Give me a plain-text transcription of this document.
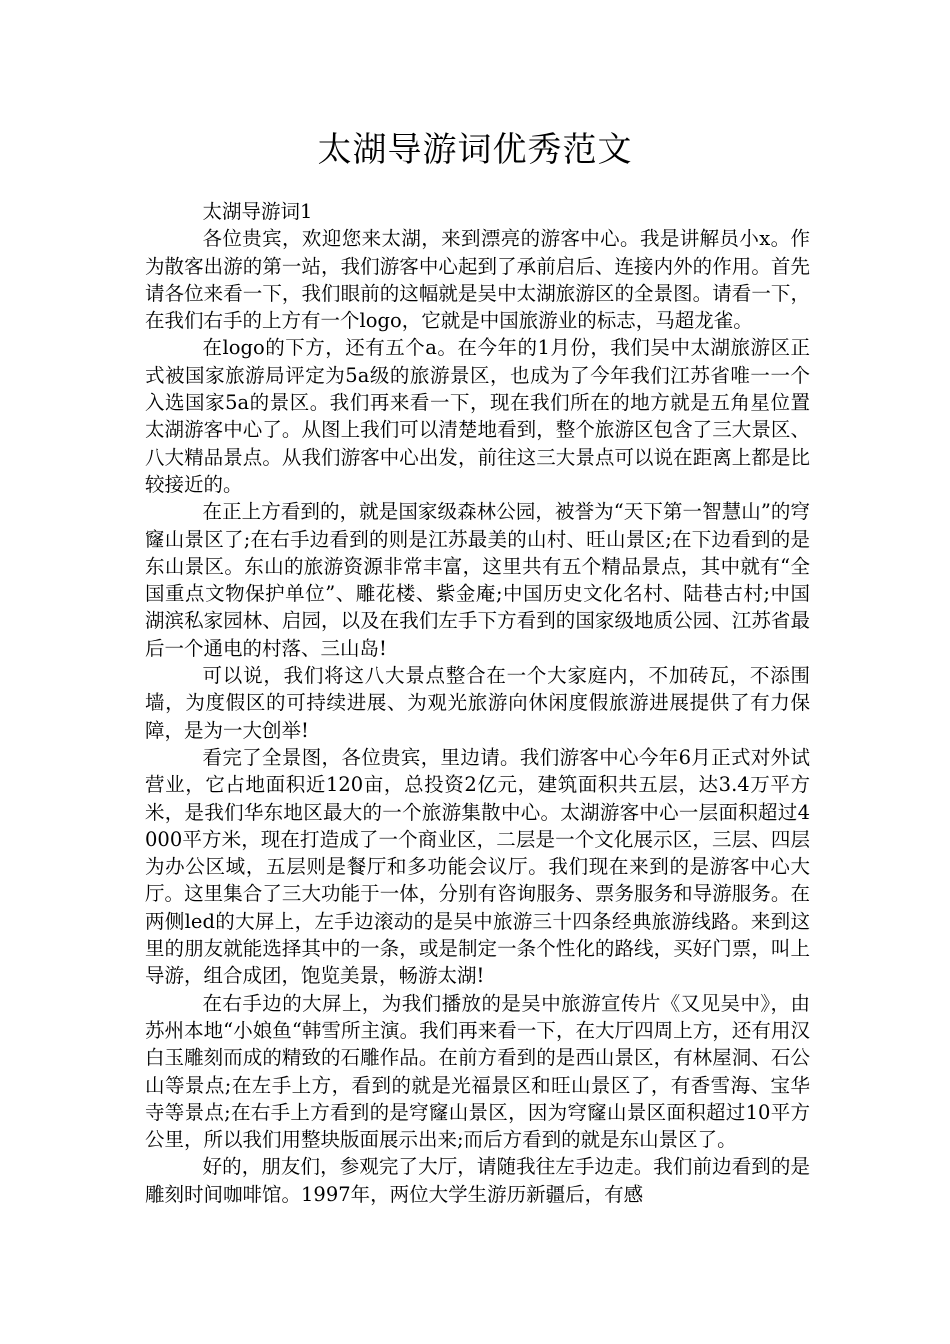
太湖导游词优秀范文

太湖导游词1

各位贵宾，欢迎您来太湖，来到漂亮的游客中心。我是讲解员小x。作为散客出游的第一站，我们游客中心起到了承前启后、连接内外的作用。首先请各位来看一下，我们眼前的这幅就是吴中太湖旅游区的全景图。请看一下，在我们右手的上方有一个logo，它就是中国旅游业的标志，马超龙雀。

在logo的下方，还有五个a。在今年的1月份，我们吴中太湖旅游区正式被国家旅游局评定为5a级的旅游景区，也成为了今年我们江苏省唯一一个入选国家5a的景区。我们再来看一下，现在我们所在的地方就是五角星位置太湖游客中心了。从图上我们可以清楚地看到，整个旅游区包含了三大景区、八大精品景点。从我们游客中心出发，前往这三大景点可以说在距离上都是比较接近的。

在正上方看到的，就是国家级森林公园，被誉为“天下第一智慧山”的穹窿山景区了;在右手边看到的则是江苏最美的山村、旺山景区;在下边看到的是东山景区。东山的旅游资源非常丰富，这里共有五个精品景点，其中就有“全国重点文物保护单位”、雕花楼、紫金庵;中国历史文化名村、陆巷古村;中国湖滨私家园林、启园，以及在我们左手下方看到的国家级地质公园、江苏省最后一个通电的村落、三山岛!

可以说，我们将这八大景点整合在一个大家庭内，不加砖瓦，不添围墙，为度假区的可持续进展、为观光旅游向休闲度假旅游进展提供了有力保障，是为一大创举!

看完了全景图，各位贵宾，里边请。我们游客中心今年6月正式对外试营业，它占地面积近120亩，总投资2亿元，建筑面积共五层，达3.4万平方米，是我们华东地区最大的一个旅游集散中心。太湖游客中心一层面积超过4000平方米，现在打造成了一个商业区，二层是一个文化展示区，三层、四层为办公区域，五层则是餐厅和多功能会议厅。我们现在来到的是游客中心大厅。这里集合了三大功能于一体，分别有咨询服务、票务服务和导游服务。在两侧led的大屏上，左手边滚动的是吴中旅游三十四条经典旅游线路。来到这里的朋友就能选择其中的一条，或是制定一条个性化的路线，买好门票，叫上导游，组合成团，饱览美景，畅游太湖!

在右手边的大屏上，为我们播放的是吴中旅游宣传片《又见吴中》，由苏州本地“小娘鱼“韩雪所主演。我们再来看一下，在大厅四周上方，还有用汉白玉雕刻而成的精致的石雕作品。在前方看到的是西山景区，有林屋洞、石公山等景点;在左手上方，看到的就是光福景区和旺山景区了，有香雪海、宝华寺等景点;在右手上方看到的是穹窿山景区，因为穹窿山景区面积超过10平方公里，所以我们用整块版面展示出来;而后方看到的就是东山景区了。

好的，朋友们，参观完了大厅，请随我往左手边走。我们前边看到的是雕刻时间咖啡馆。1997年，两位大学生游历新疆后，有感
